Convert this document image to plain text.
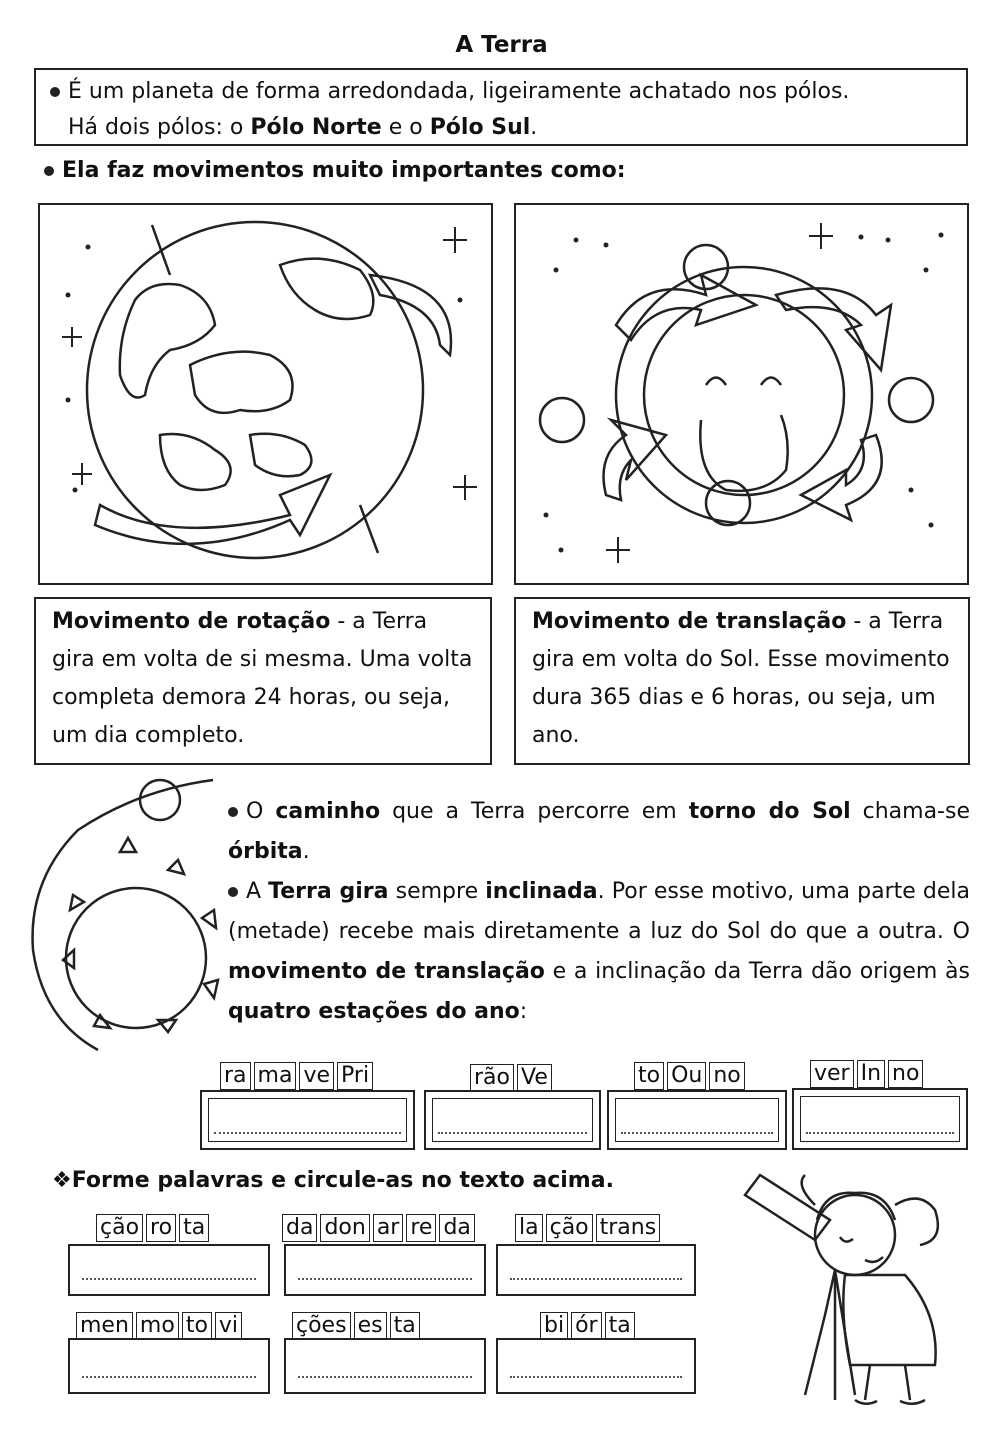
A Terra
É um planeta de forma arredondada, ligeiramente achatado nos pólos.
Há dois pólos: o Pólo Norte e o Pólo Sul.
Ela faz movimentos muito importantes como:
Movimento de rotação - a Terra gira em volta de si mesma. Uma volta completa demora 24 horas, ou seja, um dia completo.
Movimento de translação - a Terra gira em volta do Sol. Esse movimento dura 365 dias e 6 horas, ou seja, um ano.

O caminho que a Terra percorre em torno do Sol chama-se órbita.

A Terra gira sempre inclinada. Por esse motivo, uma parte dela (metade) recebe mais diretamente a luz do Sol do que a outra. O movimento de translação e a inclinação da Terra dão origem às quatro estações do ano:

ra ma ve Pri	rão Ve	to Ou no	ver In no
❖Forme palavras e circule-as no texto acima.
ção ro ta	da don ar re da la ção trans
men mo to vi	ções es ta	bi ór ta
